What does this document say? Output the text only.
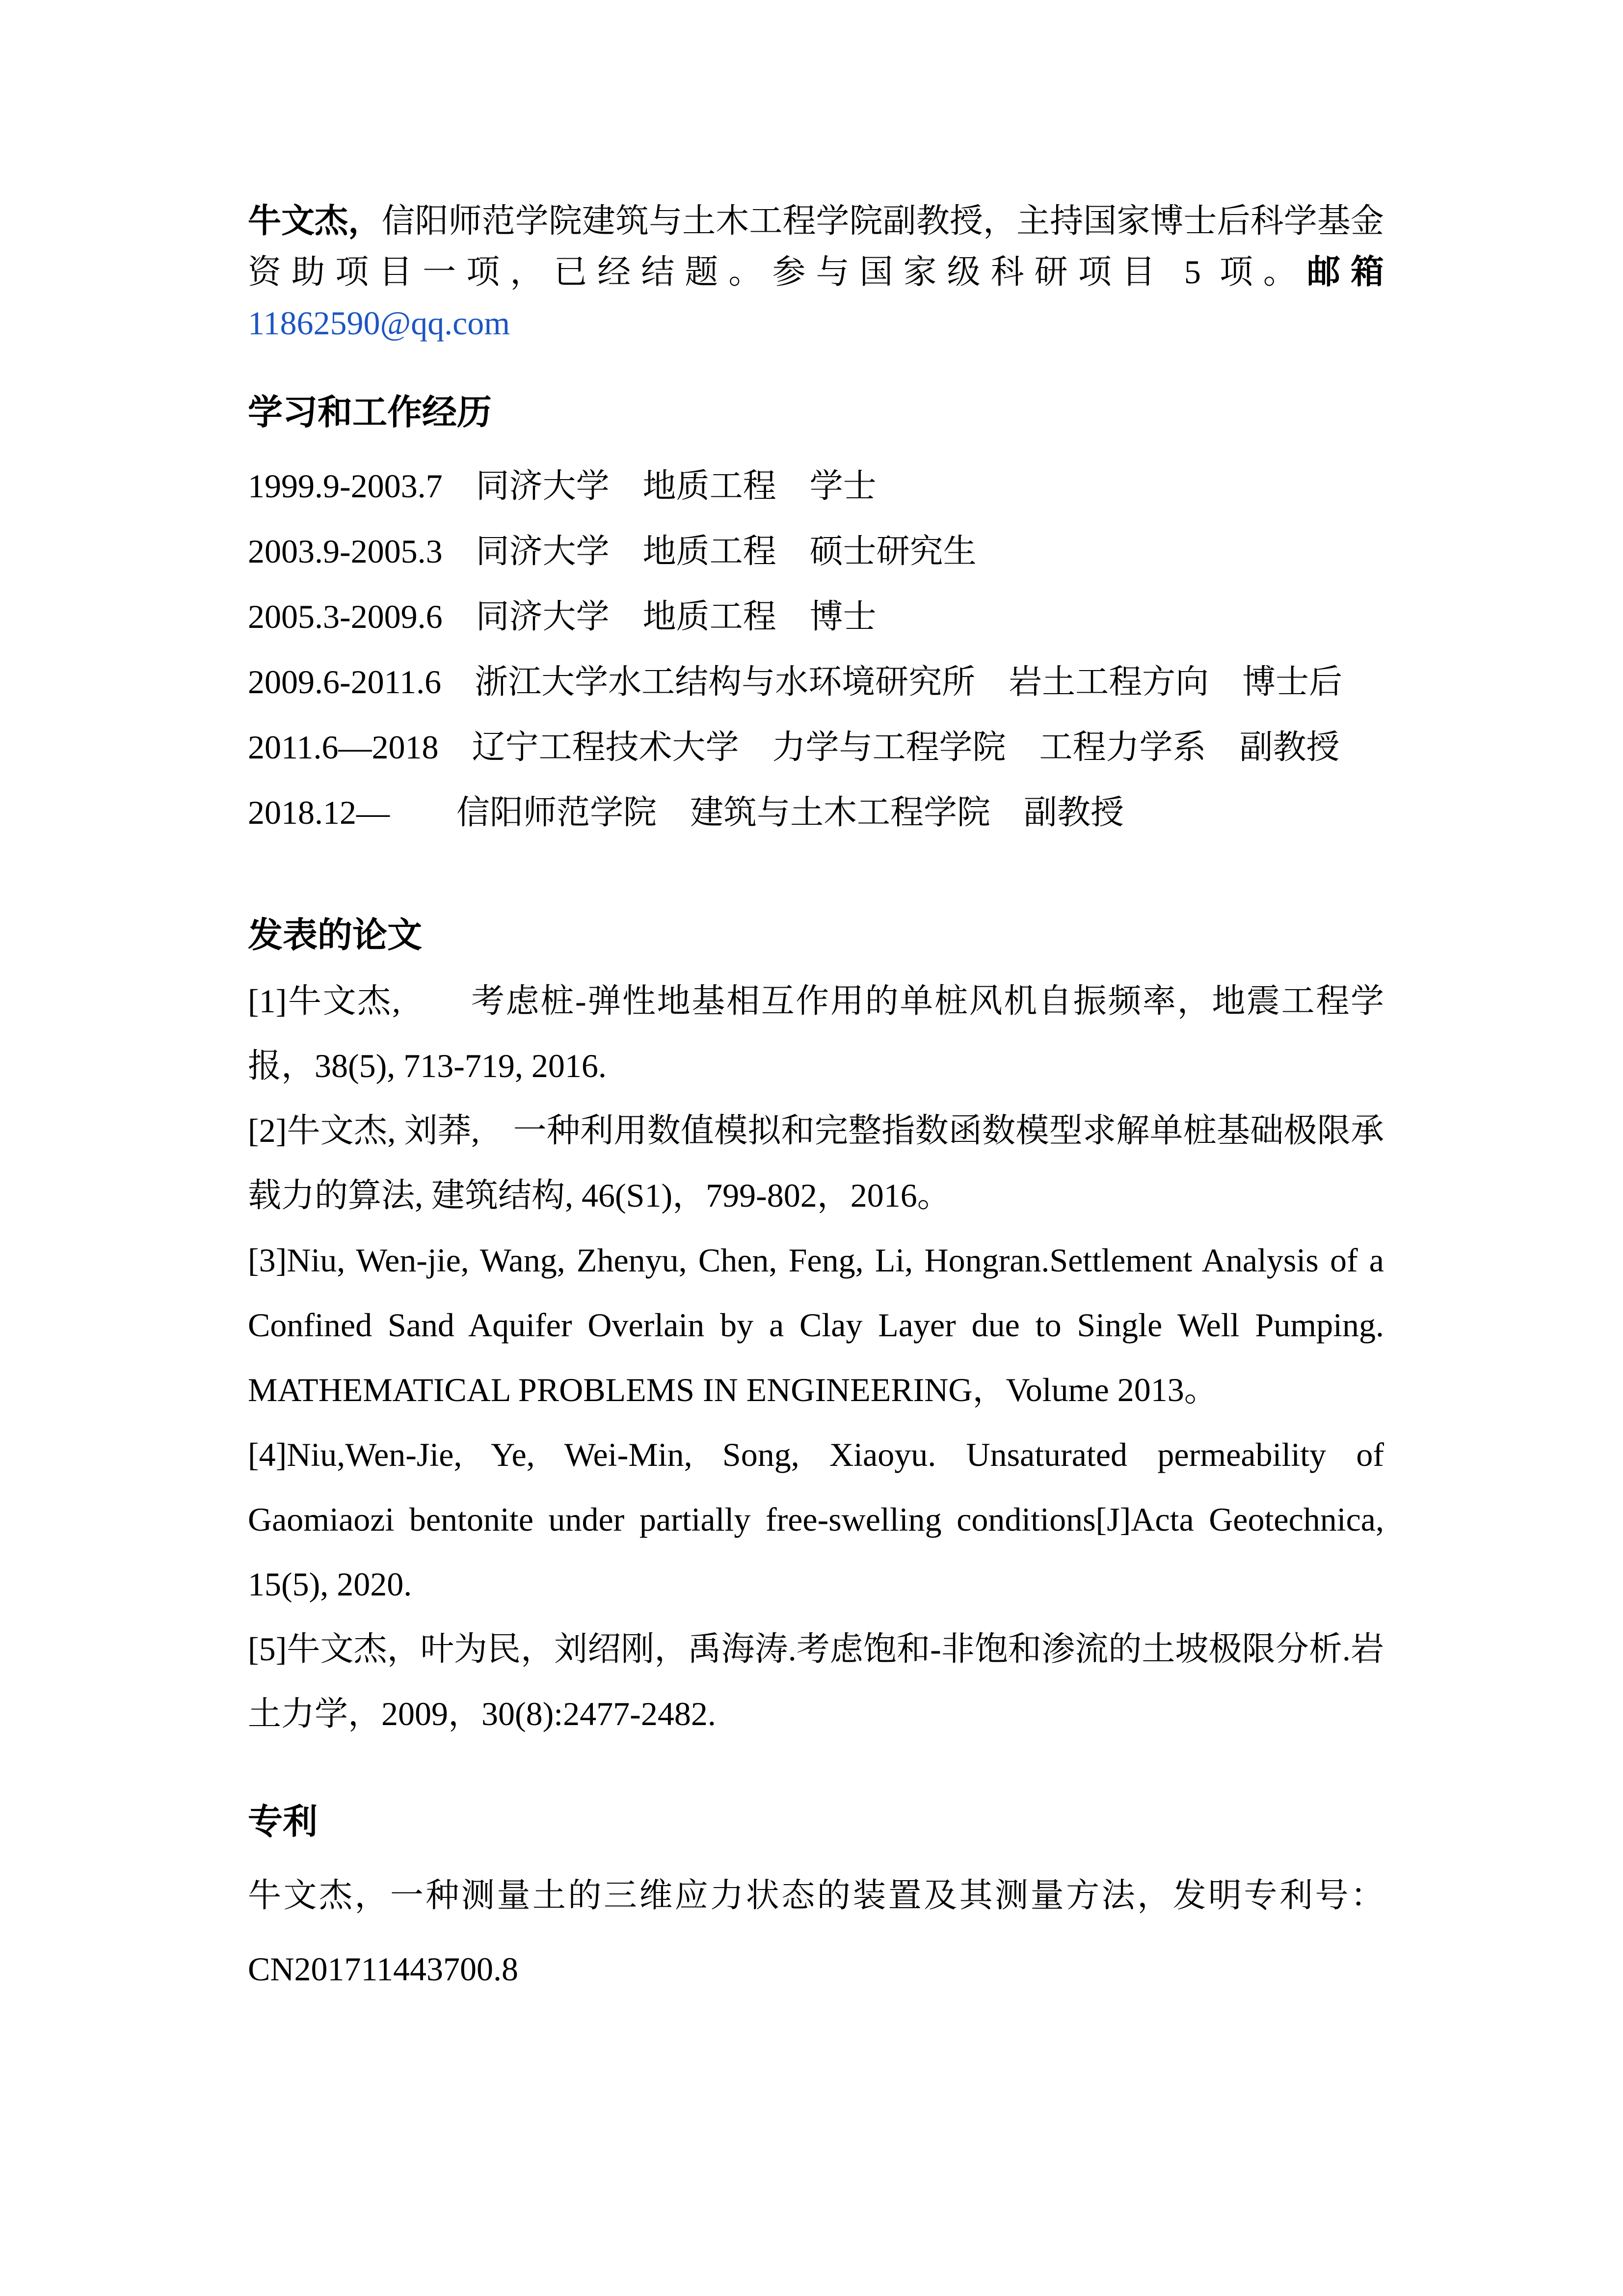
牛文杰，信阳师范学院建筑与土木工程学院副教授，主持国家博士后科学基金资助项目一项，已经结题。参与国家级科研项目 5 项。邮箱 11862590@qq.com

学习和工作经历

1999.9-2003.7　同济大学　地质工程　学士

2003.9-2005.3　同济大学　地质工程　硕士研究生

2005.3-2009.6　同济大学　地质工程　博士

2009.6-2011.6　浙江大学水工结构与水环境研究所　岩土工程方向　博士后

2011.6—2018　辽宁工程技术大学　力学与工程学院　工程力学系　副教授

2018.12—　　信阳师范学院　建筑与土木工程学院　副教授

发表的论文

[1]牛文杰,　　考虑桩-弹性地基相互作用的单桩风机自振频率，地震工程学报，38(5), 713-719, 2016.

[2]牛文杰, 刘莽,　一种利用数值模拟和完整指数函数模型求解单桩基础极限承载力的算法, 建筑结构, 46(S1)，799-802，2016。

[3]Niu, Wen-jie, Wang, Zhenyu, Chen, Feng, Li, Hongran.Settlement Analysis of a Confined Sand Aquifer Overlain by a Clay Layer due to Single Well Pumping. MATHEMATICAL PROBLEMS IN ENGINEERING，Volume 2013。

[4]Niu,Wen-Jie, Ye, Wei-Min, Song, Xiaoyu. Unsaturated permeability of Gaomiaozi bentonite under partially free-swelling conditions[J]Acta Geotechnica, 15(5), 2020.

[5]牛文杰，叶为民，刘绍刚，禹海涛.考虑饱和-非饱和渗流的土坡极限分析.岩土力学，2009，30(8):2477-2482.

专利

牛文杰，一种测量土的三维应力状态的装置及其测量方法，发明专利号：CN201711443700.8
